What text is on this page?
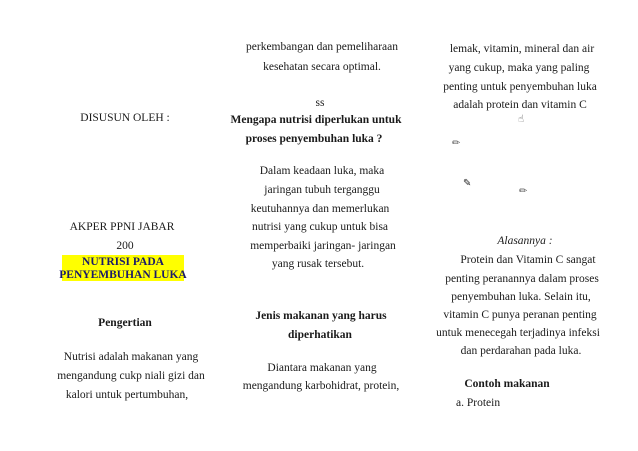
DISUSUN OLEH :
AKPER PPNI JABAR
200
NUTRISI PADA
PENYEMBUHAN LUKA
Pengertian
Nutrisi adalah makanan yang
mengandung cukp niali gizi dan
kalori untuk pertumbuhan,
perkembangan dan pemeliharaan
kesehatan secara optimal.
ss
Mengapa nutrisi diperlukan untuk
proses penyembuhan luka ?
Dalam keadaan luka, maka
jaringan tubuh terganggu
keutuhannya dan memerlukan
nutrisi yang cukup untuk bisa
memperbaiki jaringan- jaringan
yang rusak tersebut.
Jenis makanan yang harus
diperhatikan
Diantara makanan yang
mengandung karbohidrat, protein,
lemak, vitamin, mineral dan air
yang cukup, maka yang paling
penting untuk penyembuhan luka
adalah protein dan vitamin C
☝
✏
✎
✏
Alasannya :
Protein dan Vitamin C sangat
penting peranannya dalam proses
penyembuhan luka. Selain itu,
vitamin C punya peranan penting
untuk menecegah terjadinya infeksi
dan perdarahan pada luka.
Contoh makanan
a. Protein
